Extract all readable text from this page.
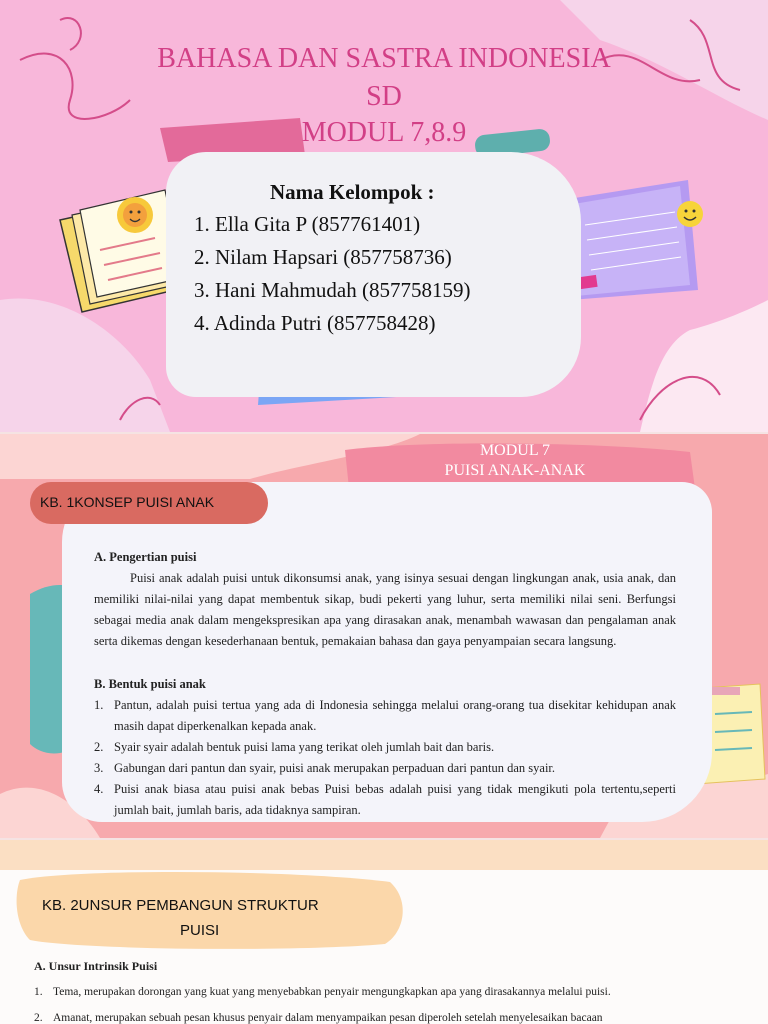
BAHASA DAN SASTRA INDONESIA
SD
MODUL 7,8.9
Nama Kelompok :
1. Ella Gita P (857761401)
2. Nilam Hapsari (857758736)
3. Hani Mahmudah (857758159)
4. Adinda Putri (857758428)
MODUL 7
PUISI ANAK-ANAK
KB. 1KONSEP PUISI ANAK
A. Pengertian puisi
Puisi anak adalah puisi untuk dikonsumsi anak, yang isinya sesuai dengan lingkungan anak, usia anak, dan memiliki nilai-nilai yang dapat membentuk sikap, budi pekerti yang luhur, serta memiliki nilai seni. Berfungsi sebagai media anak dalam mengekspresikan apa yang dirasakan anak, menambah wawasan dan pengalaman anak serta dikemas dengan kesederhanaan bentuk, pemakaian bahasa dan gaya penyampaian secara langsung.
B. Bentuk puisi anak
1. Pantun, adalah puisi tertua yang ada di Indonesia sehingga melalui orang-orang tua disekitar kehidupan anak masih dapat diperkenalkan kepada anak.
2. Syair syair adalah bentuk puisi lama yang terikat oleh jumlah bait dan baris.
3. Gabungan dari pantun dan syair, puisi anak merupakan perpaduan dari pantun dan syair.
4. Puisi anak biasa atau puisi anak bebas Puisi bebas adalah puisi yang tidak mengikuti pola tertentu,seperti jumlah bait, jumlah baris, ada tidaknya sampiran.
KB. 2UNSUR PEMBANGUN STRUKTUR
PUISI
A. Unsur Intrinsik Puisi
1. Tema, merupakan dorongan yang kuat yang menyebabkan penyair mengungkapkan apa yang dirasakannya melalui puisi.
2. Amanat, merupakan sebuah pesan khusus penyair dalam menyampaikan pesan diperoleh setelah menyelesaikan bacaan
